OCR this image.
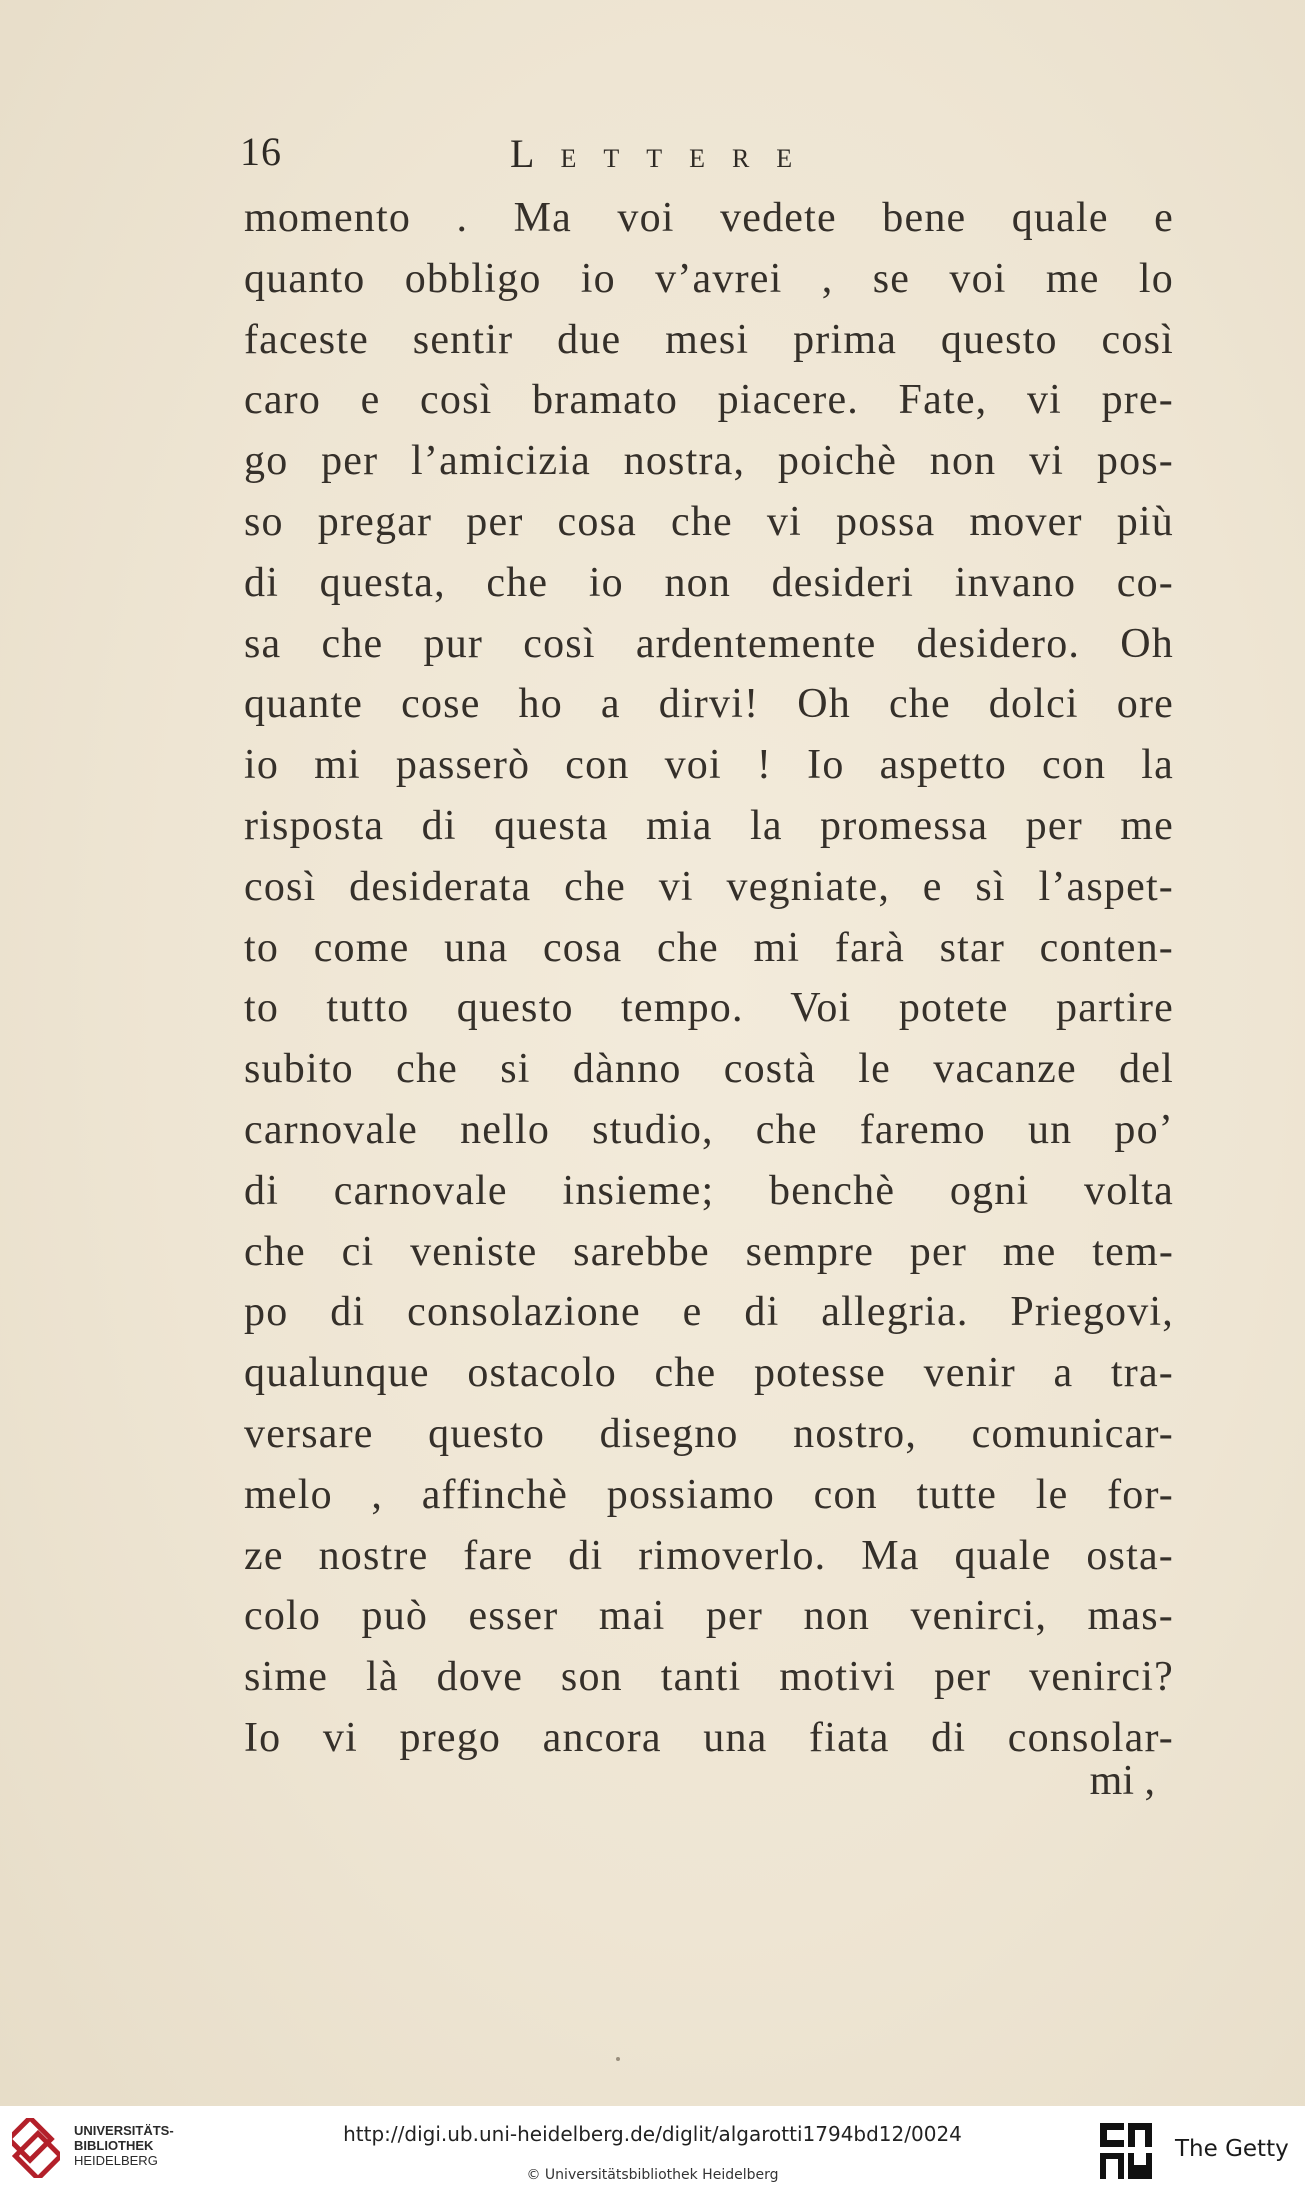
16	LETTERE
momento . Ma voi vedete bene quale e
quanto obbligo io v’avrei , se voi me lo
faceste sentir due mesi prima questo così
caro e così bramato piacere. Fate, vi pre-
go per l’amicizia nostra, poichè non vi pos-
so pregar per cosa che vi possa mover più
di questa, che io non desideri invano co-
sa che pur così ardentemente desidero. Oh
quante cose ho a dirvi! Oh che dolci ore
io mi passerò con voi ! Io aspetto con la
risposta di questa mia la promessa per me
così desiderata che vi vegniate, e sì l’aspet-
to come una cosa che mi farà star conten-
to tutto questo tempo. Voi potete partire
subito che si dànno costà le vacanze del
carnovale nello studio, che faremo un po’
di carnovale insieme; benchè ogni volta
che ci veniste sarebbe sempre per me tem-
po di consolazione e di allegria. Priegovi,
qualunque ostacolo che potesse venir a tra-
versare questo disegno nostro, comunicar-
melo , affinchè possiamo con tutte le for-
ze nostre fare di rimoverlo. Ma quale osta-
colo può esser mai per non venirci, mas-
sime là dove son tanti motivi per venirci?
Io vi prego ancora una fiata di consolar-
mi ,
UNIVERSITÄTS-
BIBLIOTHEK
HEIDELBERG
http://digi.ub.uni-heidelberg.de/diglit/algarotti1794bd12/0024
© Universitätsbibliothek Heidelberg
The Getty
